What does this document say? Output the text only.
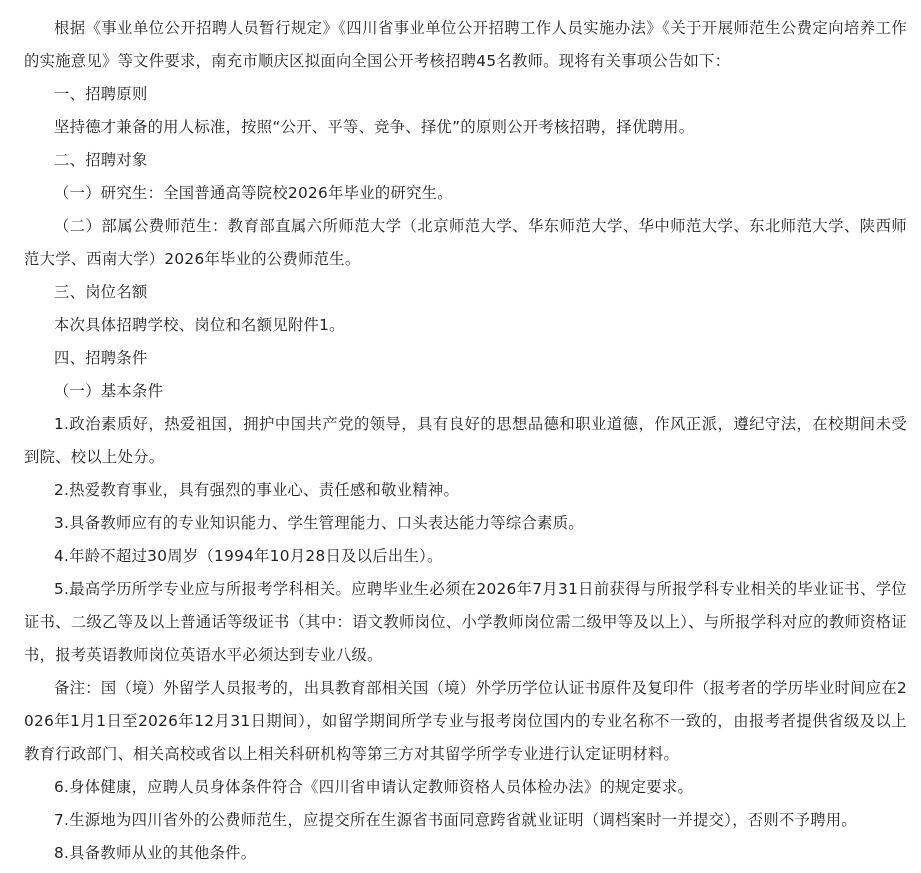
根据《事业单位公开招聘人员暂行规定》《四川省事业单位公开招聘工作人员实施办法》《关于开展师范生公费定向培养工作的实施意见》等文件要求，南充市顺庆区拟面向全国公开考核招聘45名教师。现将有关事项公告如下：

一、招聘原则

坚持德才兼备的用人标准，按照“公开、平等、竞争、择优”的原则公开考核招聘，择优聘用。

二、招聘对象

（一）研究生：全国普通高等院校2026年毕业的研究生。

（二）部属公费师范生：教育部直属六所师范大学（北京师范大学、华东师范大学、华中师范大学、东北师范大学、陕西师范大学、西南大学）2026年毕业的公费师范生。

三、岗位名额

本次具体招聘学校、岗位和名额见附件1。

四、招聘条件

（一）基本条件

1.政治素质好，热爱祖国，拥护中国共产党的领导，具有良好的思想品德和职业道德，作风正派，遵纪守法，在校期间未受到院、校以上处分。

2.热爱教育事业，具有强烈的事业心、责任感和敬业精神。

3.具备教师应有的专业知识能力、学生管理能力、口头表达能力等综合素质。

4.年龄不超过30周岁（1994年10月28日及以后出生）。

5.最高学历所学专业应与所报考学科相关。应聘毕业生必须在2026年7月31日前获得与所报学科专业相关的毕业证书、学位证书、二级乙等及以上普通话等级证书（其中：语文教师岗位、小学教师岗位需二级甲等及以上）、与所报学科对应的教师资格证书，报考英语教师岗位英语水平必须达到专业八级。

备注：国（境）外留学人员报考的，出具教育部相关国（境）外学历学位认证书原件及复印件（报考者的学历毕业时间应在2026年1月1日至2026年12月31日期间），如留学期间所学专业与报考岗位国内的专业名称不一致的，由报考者提供省级及以上教育行政部门、相关高校或省以上相关科研机构等第三方对其留学所学专业进行认定证明材料。

6.身体健康，应聘人员身体条件符合《四川省申请认定教师资格人员体检办法》的规定要求。

7.生源地为四川省外的公费师范生，应提交所在生源省书面同意跨省就业证明（调档案时一并提交），否则不予聘用。

8.具备教师从业的其他条件。
